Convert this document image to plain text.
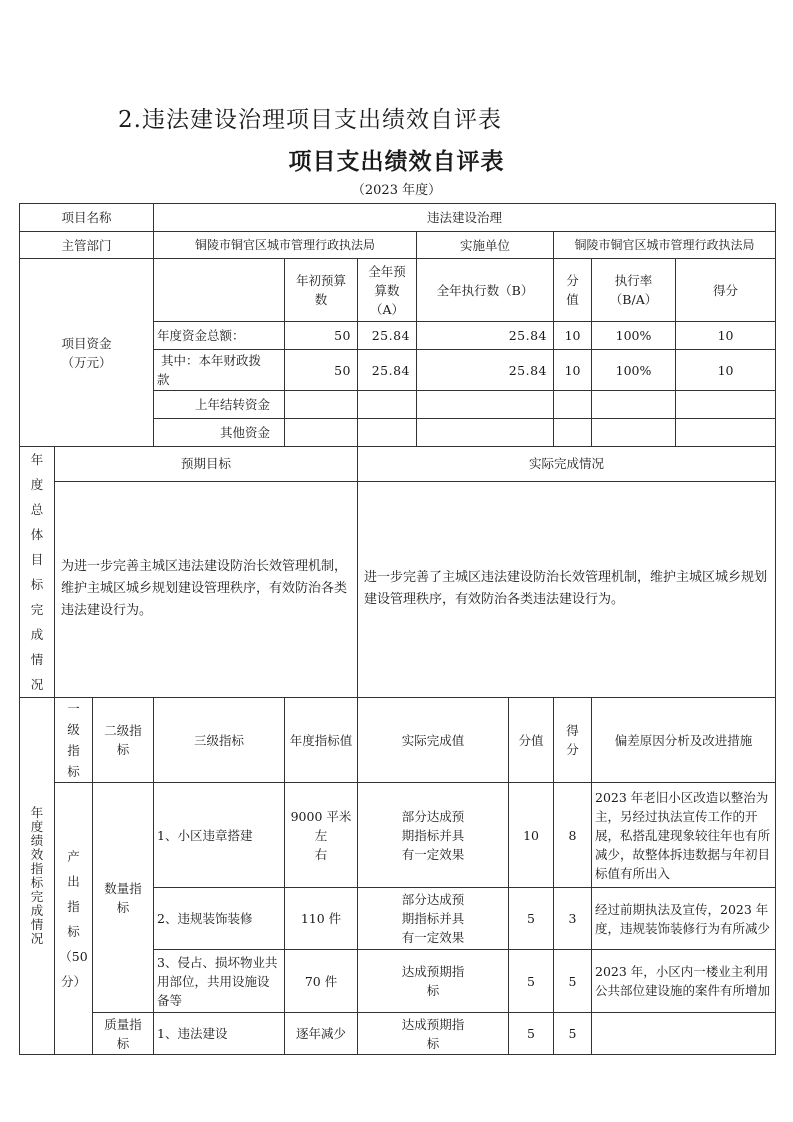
2.违法建设治理项目支出绩效自评表
项目支出绩效自评表
（2023 年度）
项目名称	违法建设治理
主管部门	铜陵市铜官区城市管理行政执法局	实施单位	铜陵市铜官区城市管理行政执法局

项目资金
（万元）

年初预算
数

全年预
算数
（A）
	全年执行数（B）	
分
值

执行率
（B/A）
	得分
年度资金总额：	50	25.84	25.84	10	100%	10

其中：本年财政拨
款
	50	25.84	25.84	10	100%	10
上年结转资金						
其他资金						

年
度
总
体
目
标
完
成
情
况
	预期目标	实际完成情况
为进一步完善主城区违法建设防治长效管理机制，维护主城区城乡规划建设管理秩序，有效防治各类违法建设行为。	进一步完善了主城区违法建设防治长效管理机制，维护主城区城乡规划建设管理秩序，有效防治各类违法建设行为。

年
度
绩
效
指
标
完
成
情
况

一
级
指
标

二级指
标
	三级指标	年度指标值	实际完成值	分值	
得
分
	偏差原因分析及改进措施

产
出
指
标
（50
分）

数量指
标
	1、小区违章搭建	
9000 平米左
右

部分达成预
期指标并具
有一定效果
	10	8	2023 年老旧小区改造以整治为主，另经过执法宣传工作的开展，私搭乱建现象较往年也有所减少，故整体拆违数据与年初目标值有所出入
2、违规装饰装修	110 件	
部分达成预
期指标并具
有一定效果
	5	3	经过前期执法及宣传，2023 年度，违规装饰装修行为有所减少
3、侵占、损坏物业共用部位，共用设施设备等	70 件	
达成预期指
标
	5	5	2023 年，小区内一楼业主利用公共部位建设施的案件有所增加

质量指
标
	1、违法建设	逐年减少	
达成预期指
标
	5	5	
